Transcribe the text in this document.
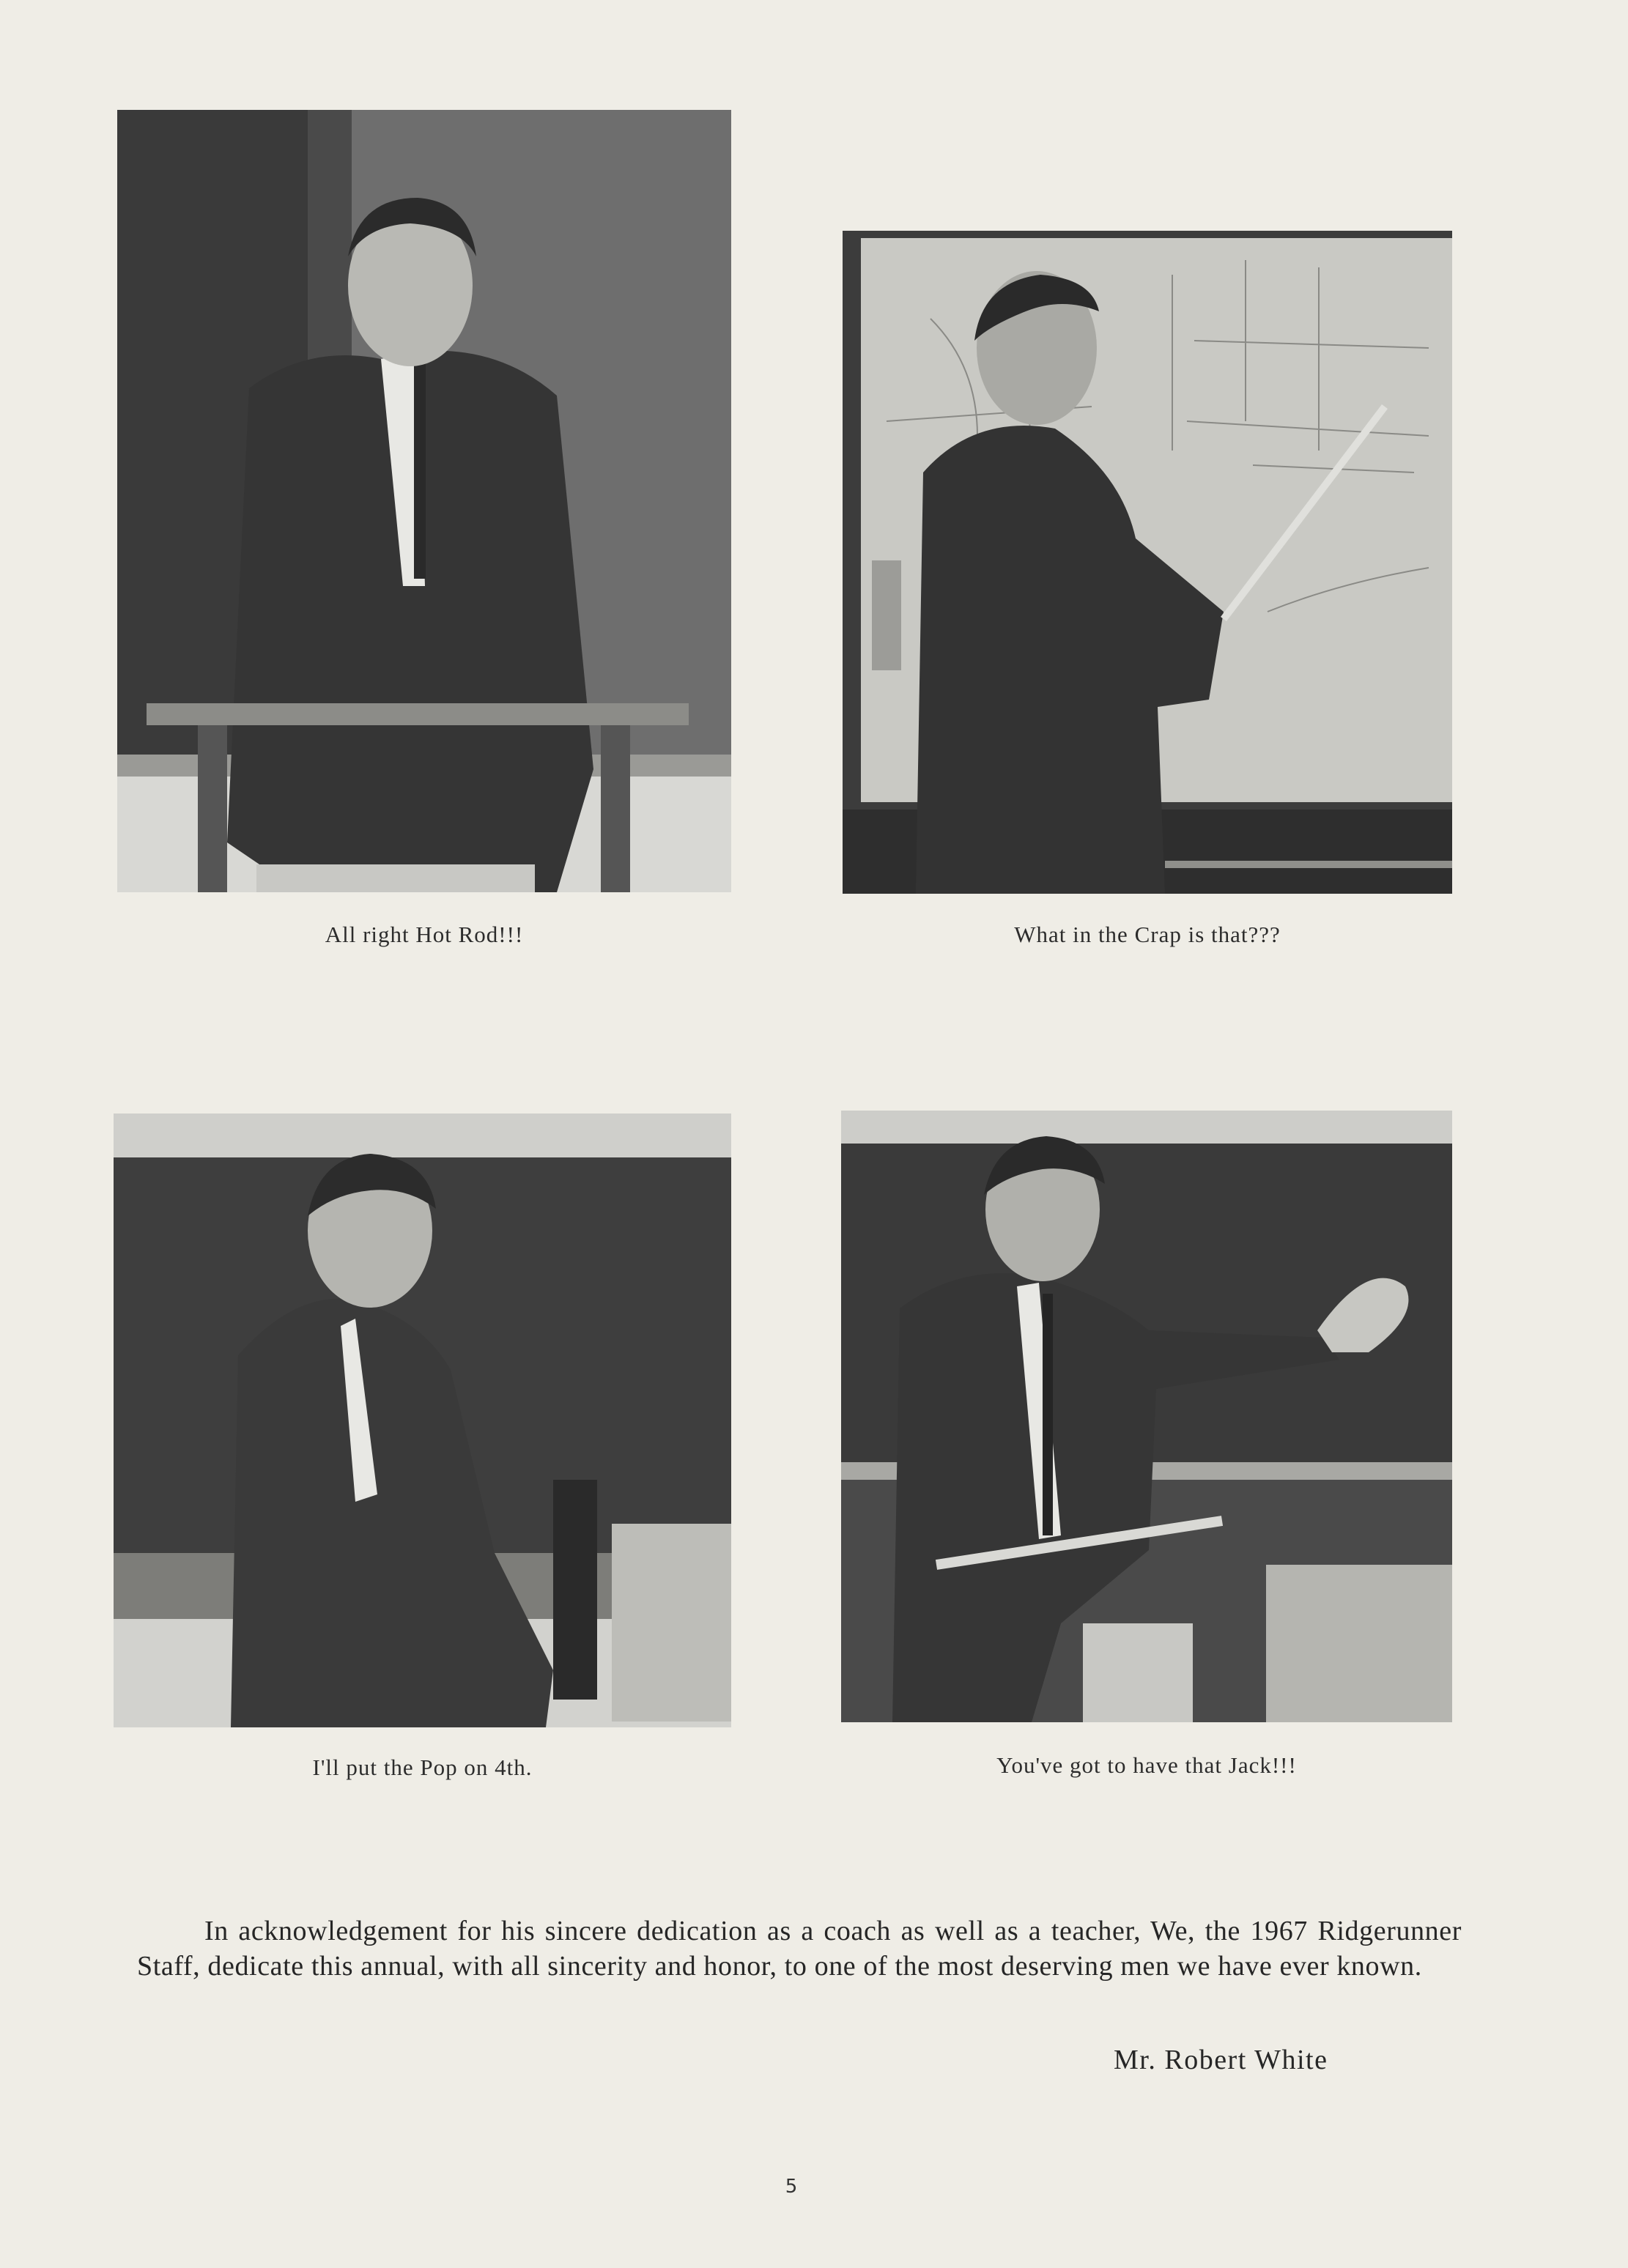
All right Hot Rod!!!	What in the Crap is that???
I'll put the Pop on 4th.	You've got to have that Jack!!!
In acknowledgement for his sincere dedication as a coach as well as a teacher, We, the 1967 Ridgerunner Staff, dedicate this annual, with all sincerity and honor, to one of the most deserving men we have ever known.
Mr. Robert White
5
